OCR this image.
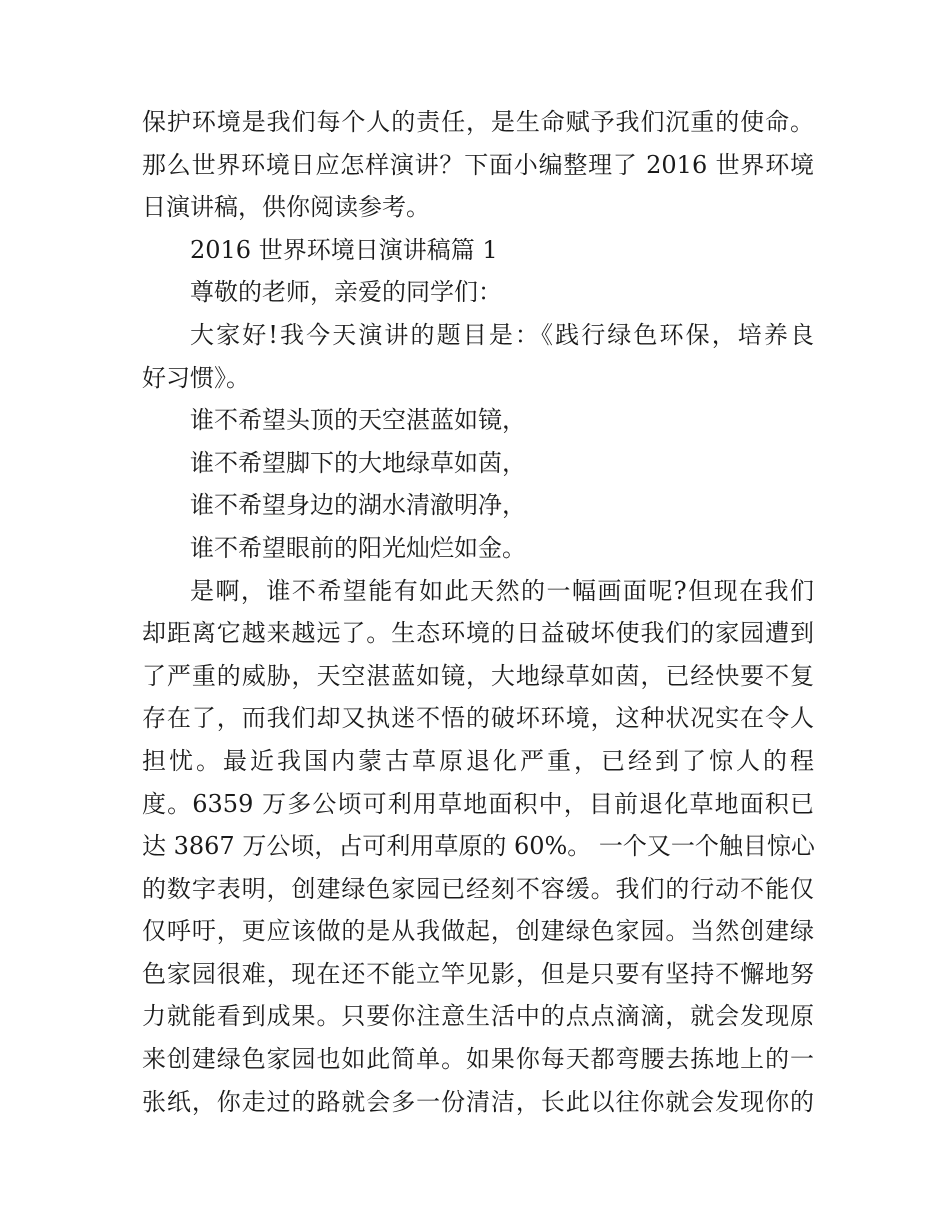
保护环境是我们每个人的责任，是生命赋予我们沉重的使命。
那么世界环境日应怎样演讲？下面小编整理了 2016 世界环境
日演讲稿，供你阅读参考。
2016 世界环境日演讲稿篇 1
尊敬的老师，亲爱的同学们：
大家好!我今天演讲的题目是：《践行绿色环保，培养良
好习惯》。
谁不希望头顶的天空湛蓝如镜，
谁不希望脚下的大地绿草如茵，
谁不希望身边的湖水清澈明净，
谁不希望眼前的阳光灿烂如金。
是啊，谁不希望能有如此天然的一幅画面呢?但现在我们
却距离它越来越远了。生态环境的日益破坏使我们的家园遭到
了严重的威胁，天空湛蓝如镜，大地绿草如茵，已经快要不复
存在了，而我们却又执迷不悟的破坏环境，这种状况实在令人
担忧。最近我国内蒙古草原退化严重，已经到了惊人的程
度。6359 万多公顷可利用草地面积中，目前退化草地面积已
达 3867 万公顷，占可利用草原的 60%。 一个又一个触目惊心
的数字表明，创建绿色家园已经刻不容缓。我们的行动不能仅
仅呼吁，更应该做的是从我做起，创建绿色家园。当然创建绿
色家园很难，现在还不能立竿见影，但是只要有坚持不懈地努
力就能看到成果。只要你注意生活中的点点滴滴，就会发现原
来创建绿色家园也如此简单。如果你每天都弯腰去拣地上的一
张纸，你走过的路就会多一份清洁，长此以往你就会发现你的
